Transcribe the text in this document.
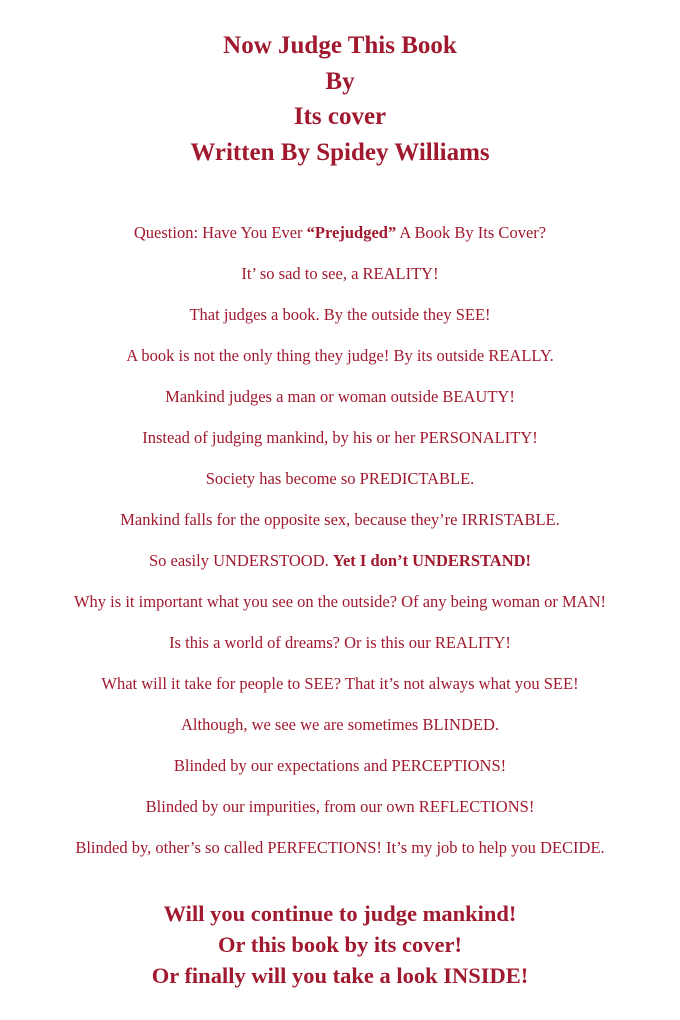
Now Judge This Book
By
Its cover
Written By Spidey Williams
Question: Have You Ever “Prejudged” A Book By Its Cover?
It’ so sad to see, a REALITY!
That judges a book. By the outside they SEE!
A book is not the only thing they judge! By its outside REALLY.
Mankind judges a man or woman outside BEAUTY!
Instead of judging mankind, by his or her PERSONALITY!
Society has become so PREDICTABLE.
Mankind falls for the opposite sex, because they’re IRRISTABLE.
So easily UNDERSTOOD. Yet I don’t UNDERSTAND!
Why is it important what you see on the outside? Of any being woman or MAN!
Is this a world of dreams? Or is this our REALITY!
What will it take for people to SEE? That it’s not always what you SEE!
Although, we see we are sometimes BLINDED.
Blinded by our expectations and PERCEPTIONS!
Blinded by our impurities, from our own REFLECTIONS!
Blinded by, other’s so called PERFECTIONS! It’s my job to help you DECIDE.
Will you continue to judge mankind!
Or this book by its cover!
Or finally will you take a look INSIDE!
